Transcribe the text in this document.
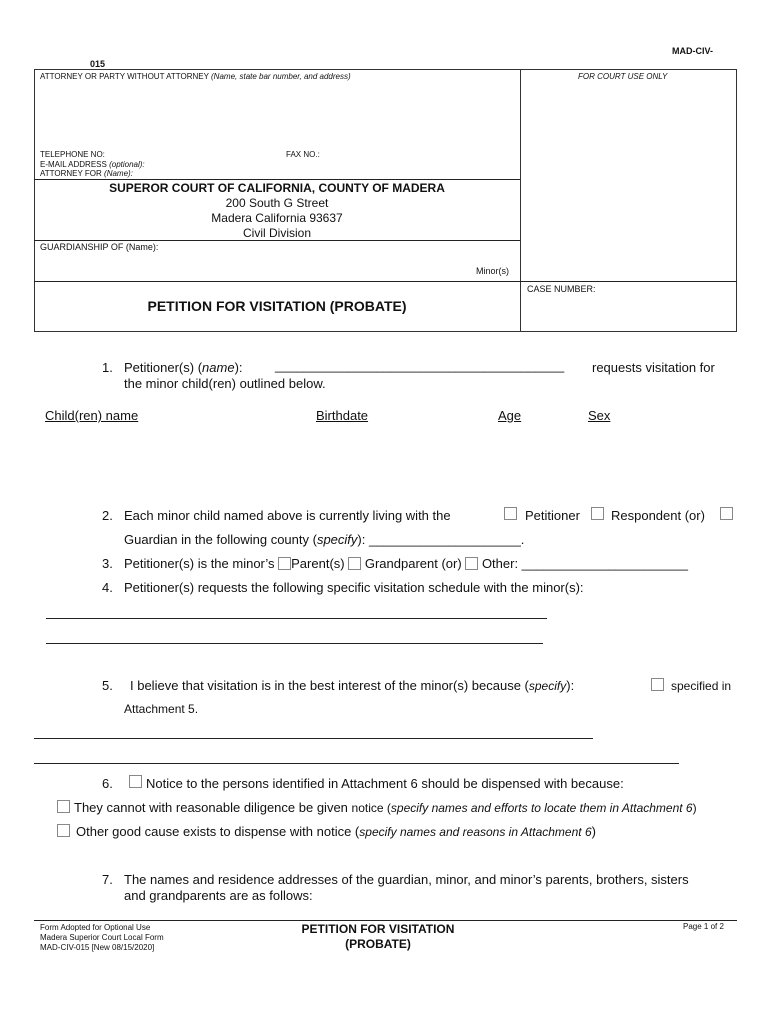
MAD-CIV-
015
ATTORNEY OR PARTY WITHOUT ATTORNEY (Name, state bar number, and address)	FOR COURT USE ONLY
TELEPHONE NO:	FAX NO.:
E-MAIL ADDRESS (optional):
ATTORNEY FOR (Name):
SUPEROR COURT OF CALIFORNIA, COUNTY OF MADERA
200 South G Street
Madera California 93637
Civil Division
GUARDIANSHIP OF (Name):
Minor(s)
CASE NUMBER:
PETITION FOR VISITATION (PROBATE)
1. Petitioner(s) (name): ________________________________________ requests visitation for
the minor child(ren) outlined below.
Child(ren) name	Birthdate	Age	Sex
2. Each minor child named above is currently living with the	Petitioner Respondent (or)
Guardian in the following county (specify): _____________________.
3. Petitioner(s) is the minor’s Parent(s) Grandparent (or) Other: _______________________
4. Petitioner(s) requests the following specific visitation schedule with the minor(s):
5. I believe that visitation is in the best interest of the minor(s) because (specify):	specified in
Attachment 5.
6.	Notice to the persons identified in Attachment 6 should be dispensed with because:
They cannot with reasonable diligence be given notice (specify names and efforts to locate them in Attachment 6)
Other good cause exists to dispense with notice (specify names and reasons in Attachment 6)
7. The names and residence addresses of the guardian, minor, and minor’s parents, brothers, sisters
and grandparents are as follows:
Form Adopted for Optional Use
Madera Superior Court Local Form
MAD-CIV-015 [New 08/15/2020]
PETITION FOR VISITATION
(PROBATE)
Page 1 of 2
